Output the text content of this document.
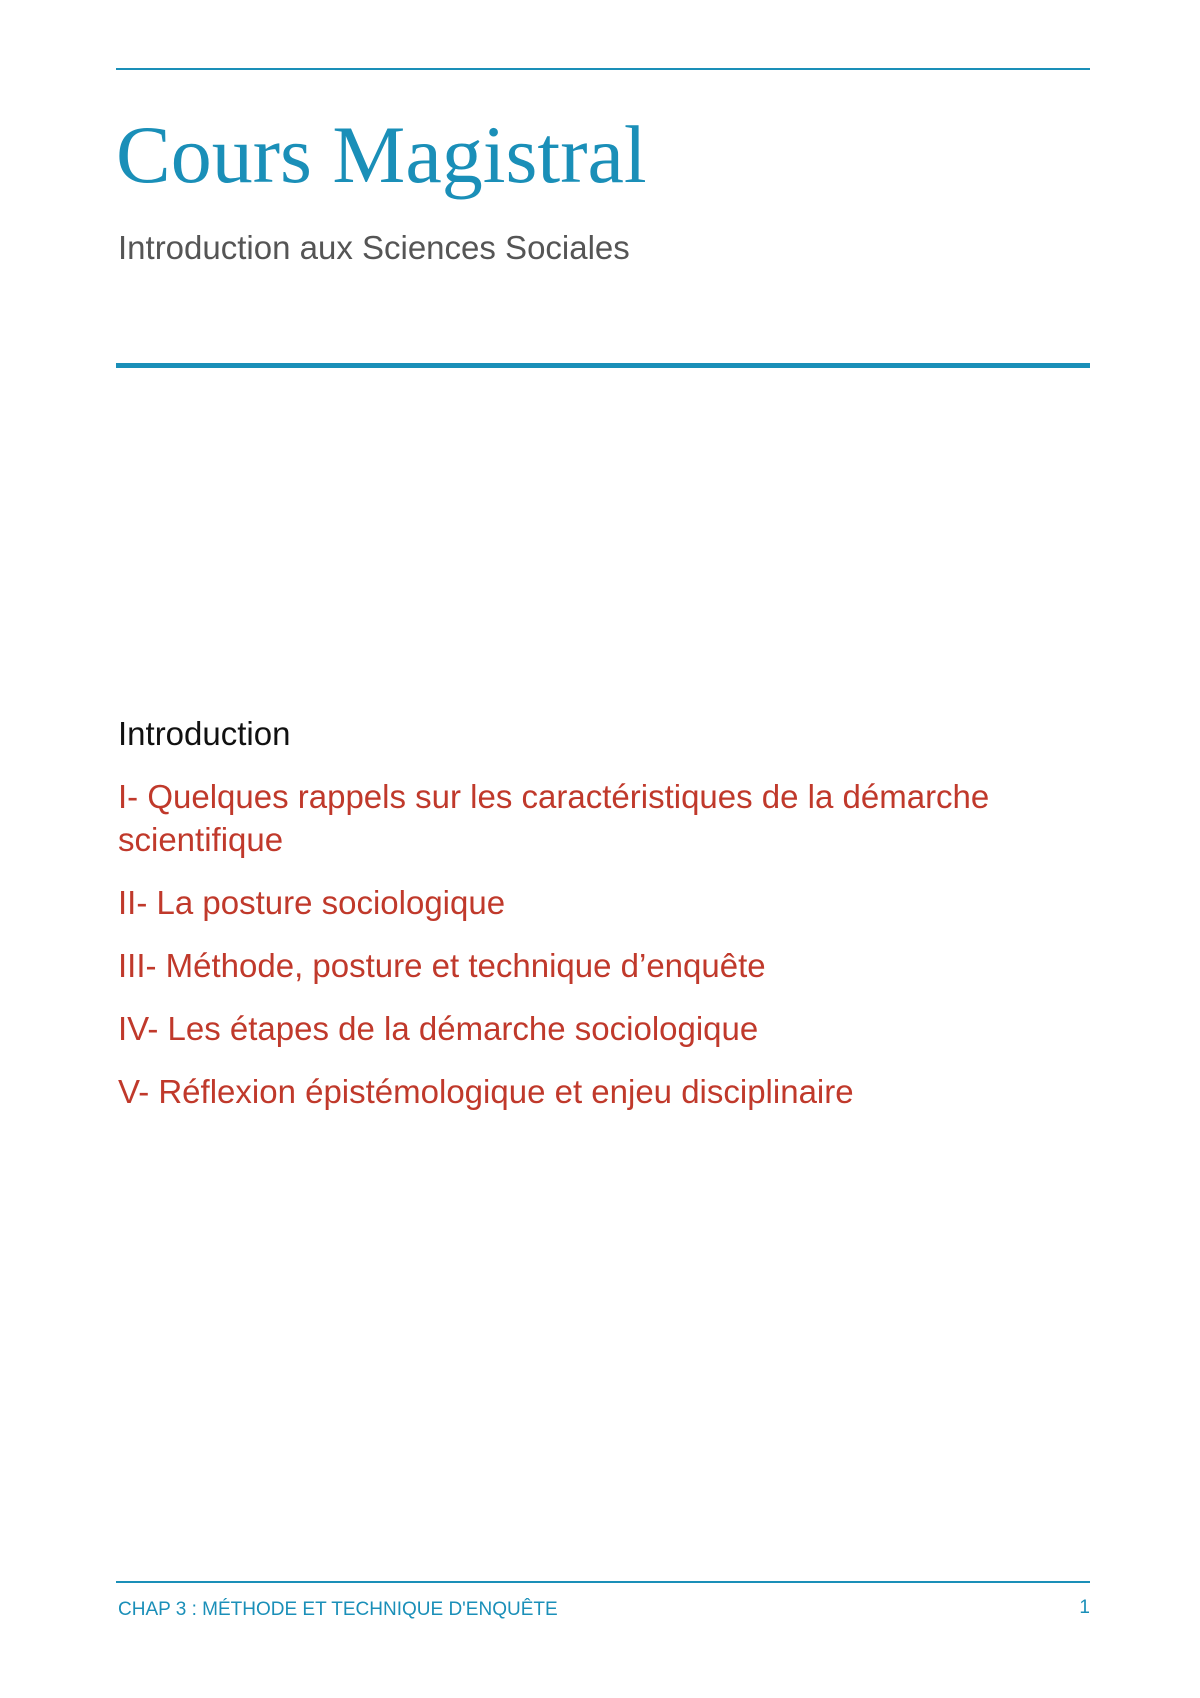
Cours Magistral
Introduction aux Sciences Sociales
Introduction
I- Quelques rappels sur les caractéristiques de la démarche scientifique
II- La posture sociologique
III- Méthode, posture et technique d’enquête
IV- Les étapes de la démarche sociologique
V- Réflexion épistémologique et enjeu disciplinaire
CHAP 3 : MÉTHODE ET TECHNIQUE D'ENQUÊTE	1
